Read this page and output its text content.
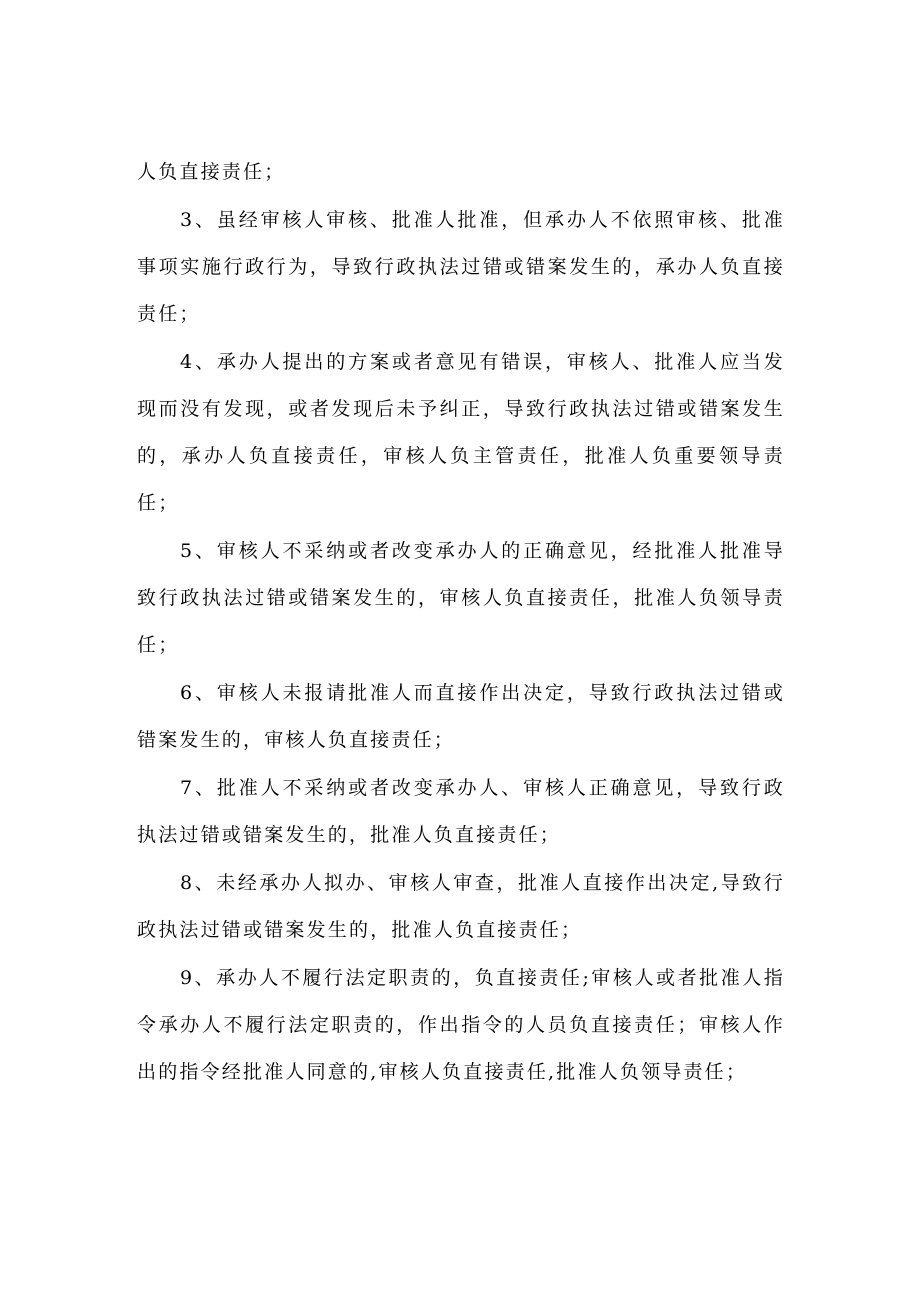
人负直接责任；

3、虽经审核人审核、批准人批准，但承办人不依照审核、批准事项实施行政行为，导致行政执法过错或错案发生的，承办人负直接责任；

4、承办人提出的方案或者意见有错误，审核人、批准人应当发现而没有发现，或者发现后未予纠正，导致行政执法过错或错案发生的，承办人负直接责任，审核人负主管责任，批准人负重要领导责任；

5、审核人不采纳或者改变承办人的正确意见，经批准人批准导致行政执法过错或错案发生的，审核人负直接责任，批准人负领导责任；

6、审核人未报请批准人而直接作出决定，导致行政执法过错或错案发生的，审核人负直接责任；

7、批准人不采纳或者改变承办人、审核人正确意见，导致行政执法过错或错案发生的，批准人负直接责任；

8、未经承办人拟办、审核人审查，批准人直接作出决定,导致行政执法过错或错案发生的，批准人负直接责任；

9、承办人不履行法定职责的，负直接责任;审核人或者批准人指令承办人不履行法定职责的，作出指令的人员负直接责任；审核人作出的指令经批准人同意的,审核人负直接责任,批准人负领导责任；
